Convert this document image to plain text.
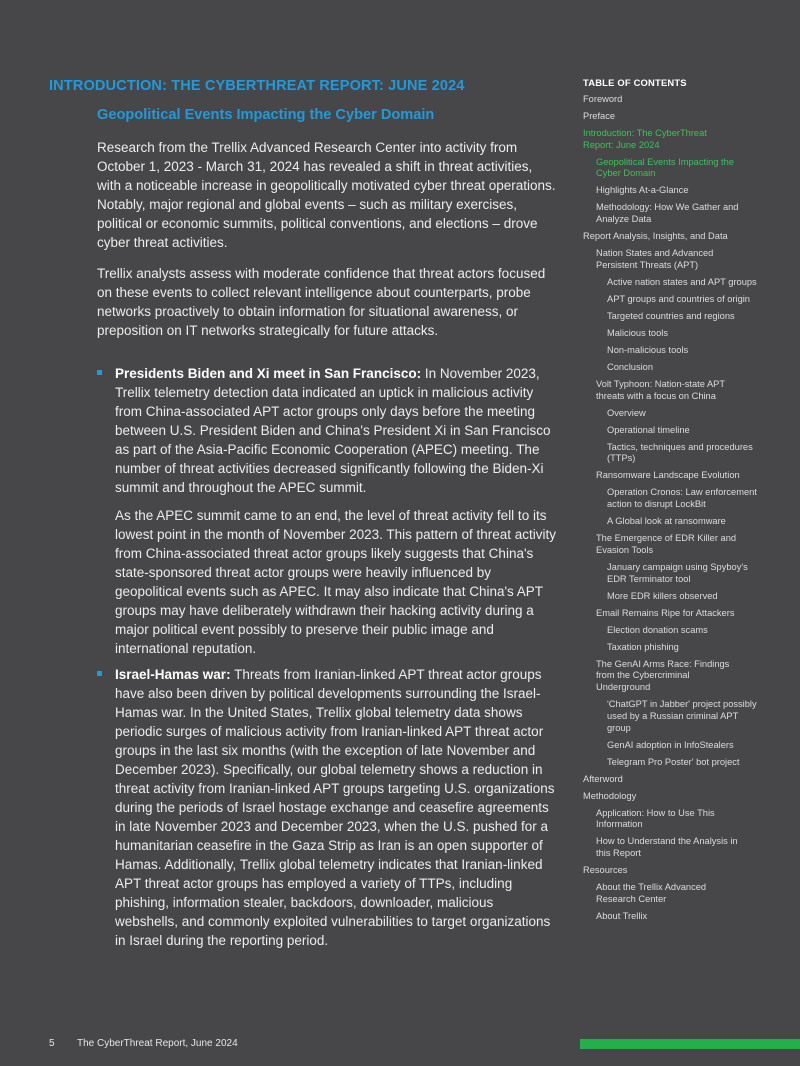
INTRODUCTION: THE CYBERTHREAT REPORT: JUNE 2024
Geopolitical Events Impacting the Cyber Domain

Research from the Trellix Advanced Research Center into activity from October 1, 2023 - March 31, 2024 has revealed a shift in threat activities, with a noticeable increase in geopolitically motivated cyber threat operations. Notably, major regional and global events – such as military exercises, political or economic summits, political conventions, and elections – drove cyber threat activities.

Trellix analysts assess with moderate confidence that threat actors focused on these events to collect relevant intelligence about counterparts, probe networks proactively to obtain information for situational awareness, or preposition on IT networks strategically for future attacks.

Presidents Biden and Xi meet in San Francisco: In November 2023, Trellix telemetry detection data indicated an uptick in malicious activity from China-associated APT actor groups only days before the meeting between U.S. President Biden and China's President Xi in San Francisco as part of the Asia-Pacific Economic Cooperation (APEC) meeting. The number of threat activities decreased significantly following the Biden-Xi summit and throughout the APEC summit.
As the APEC summit came to an end, the level of threat activity fell to its lowest point in the month of November 2023. This pattern of threat activity from China-associated threat actor groups likely suggests that China's state-sponsored threat actor groups were heavily influenced by geopolitical events such as APEC. It may also indicate that China's APT groups may have deliberately withdrawn their hacking activity during a major political event possibly to preserve their public image and international reputation.
Israel-Hamas war: Threats from Iranian-linked APT threat actor groups have also been driven by political developments surrounding the Israel-Hamas war. In the United States, Trellix global telemetry data shows periodic surges of malicious activity from Iranian-linked APT threat actor groups in the last six months (with the exception of late November and December 2023). Specifically, our global telemetry shows a reduction in threat activity from Iranian-linked APT groups targeting U.S. organizations during the periods of Israel hostage exchange and ceasefire agreements in late November 2023 and December 2023, when the U.S. pushed for a humanitarian ceasefire in the Gaza Strip as Iran is an open supporter of Hamas. Additionally, Trellix global telemetry indicates that Iranian-linked APT threat actor groups has employed a variety of TTPs, including phishing, information stealer, backdoors, downloader, malicious webshells, and commonly exploited vulnerabilities to target organizations in Israel during the reporting period.
TABLE OF CONTENTS
Foreword
Preface
Introduction: The CyberThreat Report: June 2024
Geopolitical Events Impacting the Cyber Domain
Highlights At-a-Glance
Methodology: How We Gather and Analyze Data
Report Analysis, Insights, and Data
Nation States and Advanced Persistent Threats (APT)
Active nation states and APT groups
APT groups and countries of origin
Targeted countries and regions
Malicious tools
Non-malicious tools
Conclusion
Volt Typhoon: Nation-state APT threats with a focus on China
Overview
Operational timeline
Tactics, techniques and procedures (TTPs)
Ransomware Landscape Evolution
Operation Cronos: Law enforcement action to disrupt LockBit
A Global look at ransomware
The Emergence of EDR Killer and Evasion Tools
January campaign using Spyboy's EDR Terminator tool
More EDR killers observed
Email Remains Ripe for Attackers
Election donation scams
Taxation phishing
The GenAI Arms Race: Findings from the Cybercriminal Underground
'ChatGPT in Jabber' project possibly used by a Russian criminal APT group
GenAI adoption in InfoStealers
Telegram Pro Poster' bot project
Afterword
Methodology
Application: How to Use This Information
How to Understand the Analysis in this Report
Resources
About the Trellix Advanced Research Center
About Trellix
5 The CyberThreat Report, June 2024
